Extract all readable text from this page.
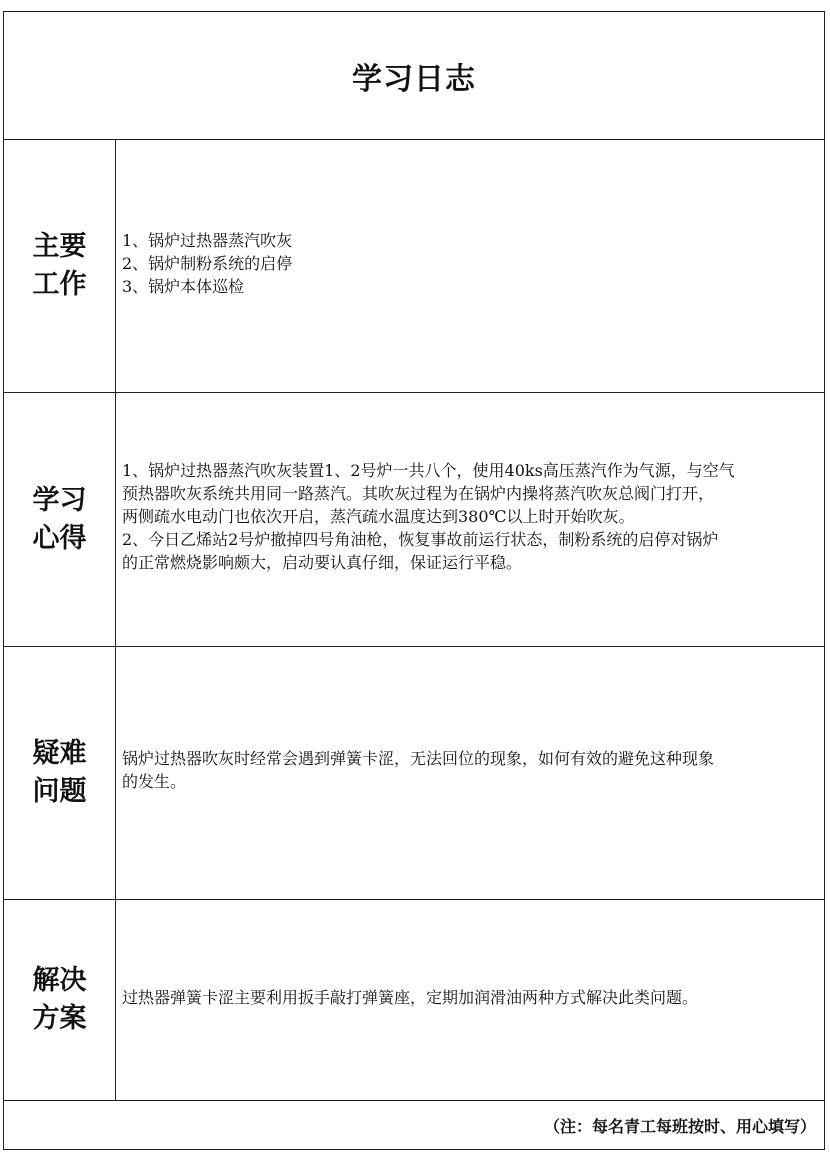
学习日志
主要
工作
1、锅炉过热器蒸汽吹灰
2、锅炉制粉系统的启停
3、锅炉本体巡检
学习
心得
1、锅炉过热器蒸汽吹灰装置1、2号炉一共八个，使用40ks高压蒸汽作为气源，与空气
预热器吹灰系统共用同一路蒸汽。其吹灰过程为在锅炉内操将蒸汽吹灰总阀门打开，
两侧疏水电动门也依次开启，蒸汽疏水温度达到380℃以上时开始吹灰。
2、今日乙烯站2号炉撤掉四号角油枪，恢复事故前运行状态，制粉系统的启停对锅炉
的正常燃烧影响颇大，启动要认真仔细，保证运行平稳。
疑难
问题
锅炉过热器吹灰时经常会遇到弹簧卡涩，无法回位的现象，如何有效的避免这种现象
的发生。
解决
方案
过热器弹簧卡涩主要利用扳手敲打弹簧座，定期加润滑油两种方式解决此类问题。
（注：每名青工每班按时、用心填写）
